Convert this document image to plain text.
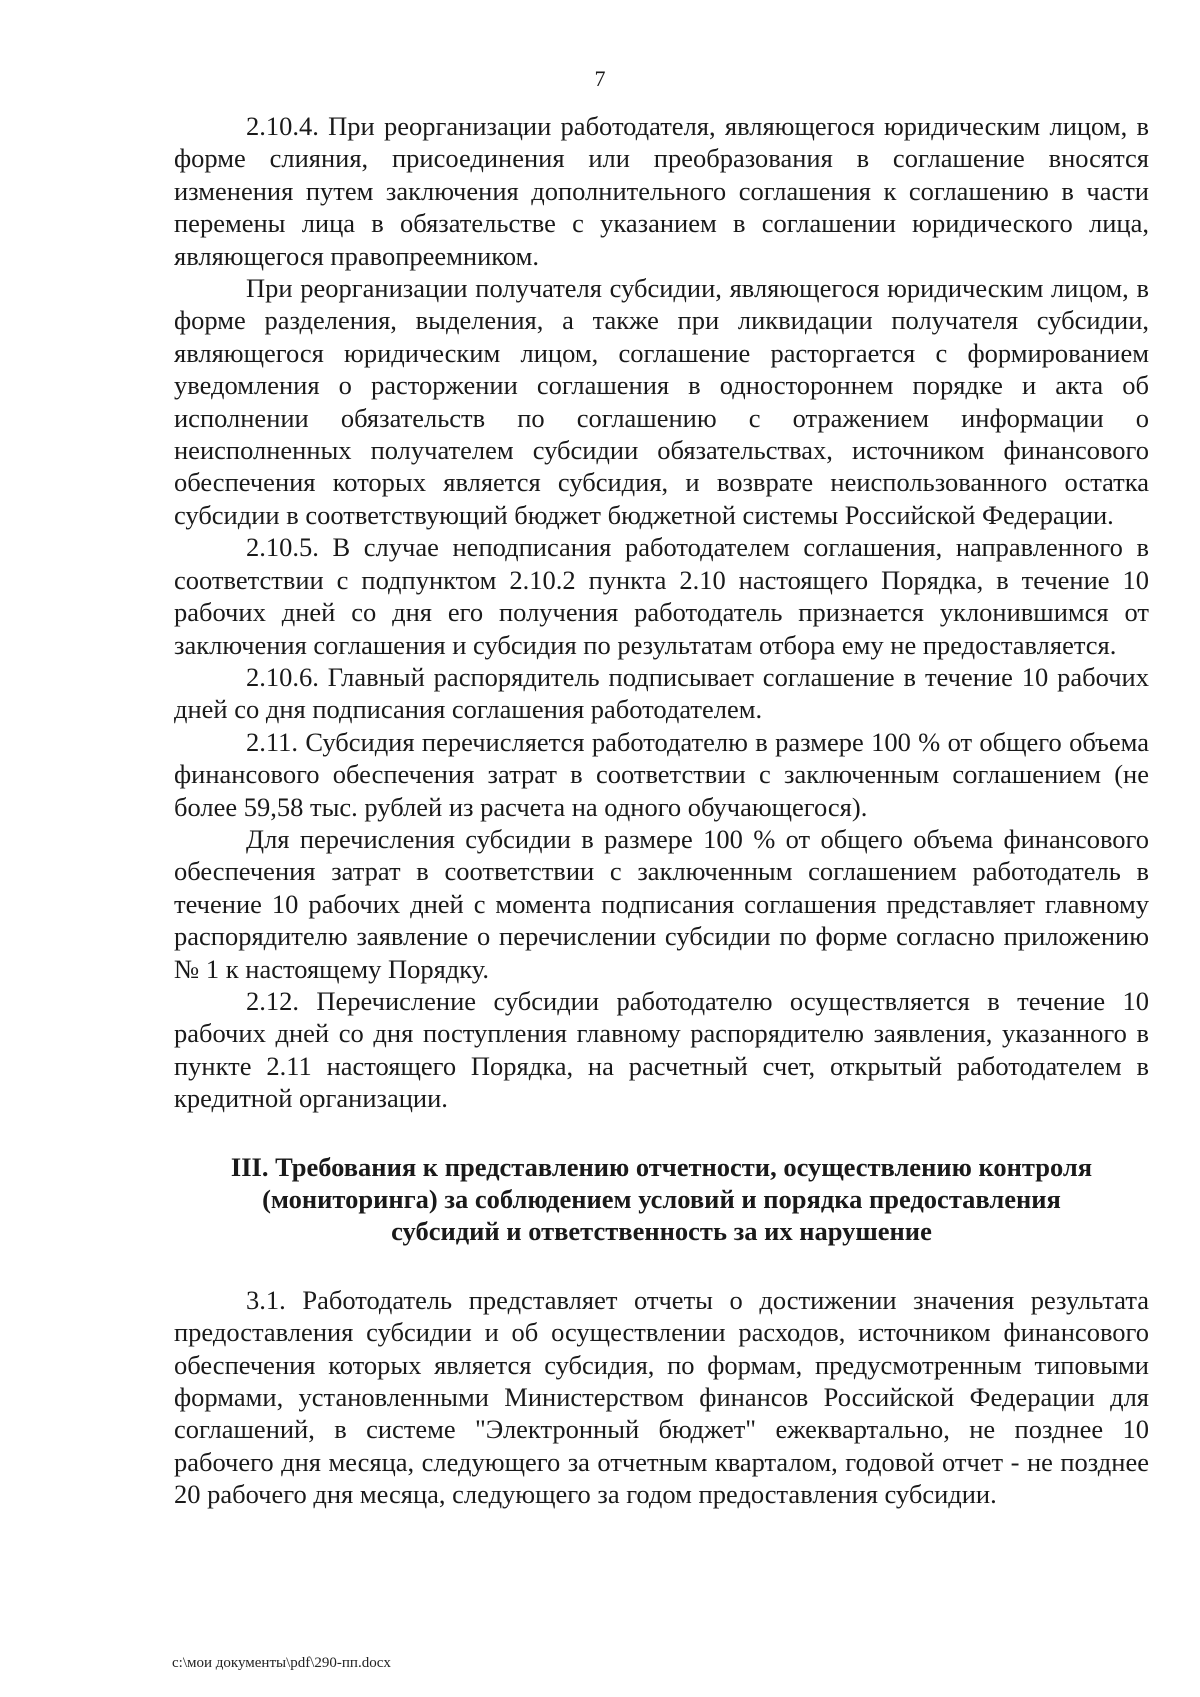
7

2.10.4. При реорганизации работодателя, являющегося юридическим лицом, в форме слияния, присоединения или преобразования в соглашение вносятся изменения путем заключения дополнительного соглашения к соглашению в части перемены лица в обязательстве с указанием в соглашении юридического лица, являющегося правопреемником.

При реорганизации получателя субсидии, являющегося юридическим лицом, в форме разделения, выделения, а также при ликвидации получателя субсидии, являющегося юридическим лицом, соглашение расторгается с формированием уведомления о расторжении соглашения в одностороннем порядке и акта об исполнении обязательств по соглашению с отражением информации о неисполненных получателем субсидии обязательствах, источником финансового обеспечения которых является субсидия, и возврате неиспользованного остатка субсидии в соответствующий бюджет бюджетной системы Российской Федерации.

2.10.5. В случае неподписания работодателем соглашения, направленного в соответствии с подпунктом 2.10.2 пункта 2.10 настоящего Порядка, в течение 10 рабочих дней со дня его получения работодатель признается уклонившимся от заключения соглашения и субсидия по результатам отбора ему не предоставляется.

2.10.6. Главный распорядитель подписывает соглашение в течение 10 рабочих дней со дня подписания соглашения работодателем.

2.11. Субсидия перечисляется работодателю в размере 100 % от общего объема финансового обеспечения затрат в соответствии с заключенным соглашением (не более 59,58 тыс. рублей из расчета на одного обучающегося).

Для перечисления субсидии в размере 100 % от общего объема финансового обеспечения затрат в соответствии с заключенным соглашением работодатель в течение 10 рабочих дней с момента подписания соглашения представляет главному распорядителю заявление о перечислении субсидии по форме согласно приложению № 1 к настоящему Порядку.

2.12. Перечисление субсидии работодателю осуществляется в течение 10 рабочих дней со дня поступления главному распорядителю заявления, указанного в пункте 2.11 настоящего Порядка, на расчетный счет, открытый работодателем в кредитной организации.

III. Требования к представлению отчетности, осуществлению контроля
(мониторинга) за соблюдением условий и порядка предоставления
субсидий и ответственность за их нарушение

3.1. Работодатель представляет отчеты о достижении значения результата предоставления субсидии и об осуществлении расходов, источником финансового обеспечения которых является субсидия, по формам, предусмотренным типовыми формами, установленными Министерством финансов Российской Федерации для соглашений, в системе "Электронный бюджет" ежеквартально, не позднее 10 рабочего дня месяца, следующего за отчетным кварталом, годовой отчет - не позднее 20 рабочего дня месяца, следующего за годом предоставления субсидии.

c:\мои документы\pdf\290-пп.docx
